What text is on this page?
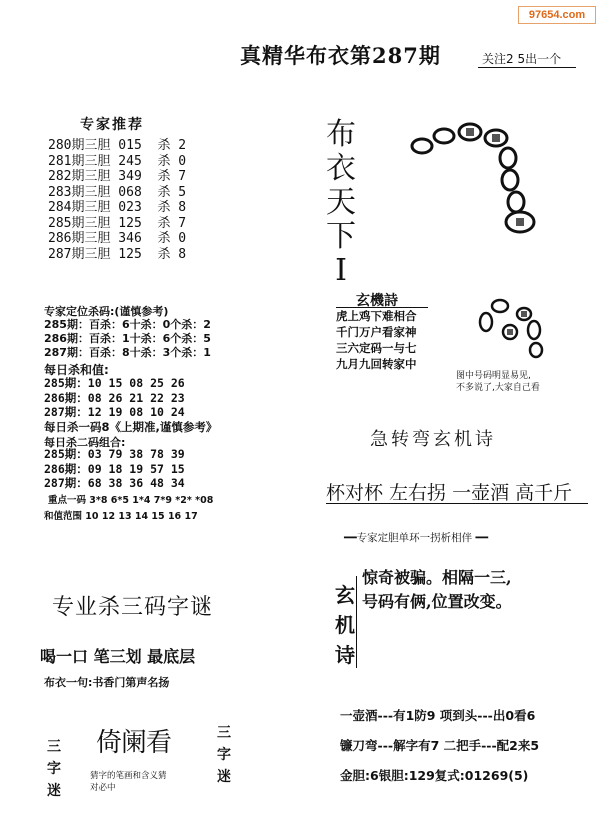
97654.com
真精华布衣第287期	关注2 5出一个
专家推荐
280期三胆 015  杀 2
281期三胆 245  杀 0
282期三胆 349  杀 7
283期三胆 068  杀 5
284期三胆 023  杀 8
285期三胆 125  杀 7
286期三胆 346  杀 0
287期三胆 125  杀 8
专家定位杀码:(谨慎参考)
285期：百杀：6十杀：0个杀：2
286期：百杀：1十杀：6个杀：5
287期：百杀：8十杀：3个杀：1
每日杀和值:
285期：10 15 08 25 26
286期：08 26 21 22 23
287期：12 19 08 10 24
每日杀一码8《上期准,谨慎参考》
每日杀二码组合:
285期：03 79 38 78 39
286期：09 18 19 57 15
287期：68 38 36 48 34
重点一码 3*8 6*5 1*4 7*9 *2* *08
和值范围 10 12 13 14 15 16 17
布
衣
天
下
I
玄機詩
虎上鸡下难相合
千门万户看家神
三六定码一与七
九月九回转家中
图中号码明显易见,
不多说了,大家自己看
急转弯玄机诗
杯对杯 左右拐 一壶酒 高千斤
━━专家定胆单环一拐析相伴 ━━
玄
机
诗
惊奇被骗。相隔一三,
号码有俩,位置改变。
一壶酒---有1防9 项到头---出0看6
镰刀弯---解字有7 二把手---配2来5
金胆:6银胆:129复式:01269(5)
专业杀三码字谜
喝一口 笔三划 最底层
布衣一句:书香门第声名扬
三
字
迷
三
字
迷
倚阑看
猜字的笔画和含义猜
对必中
